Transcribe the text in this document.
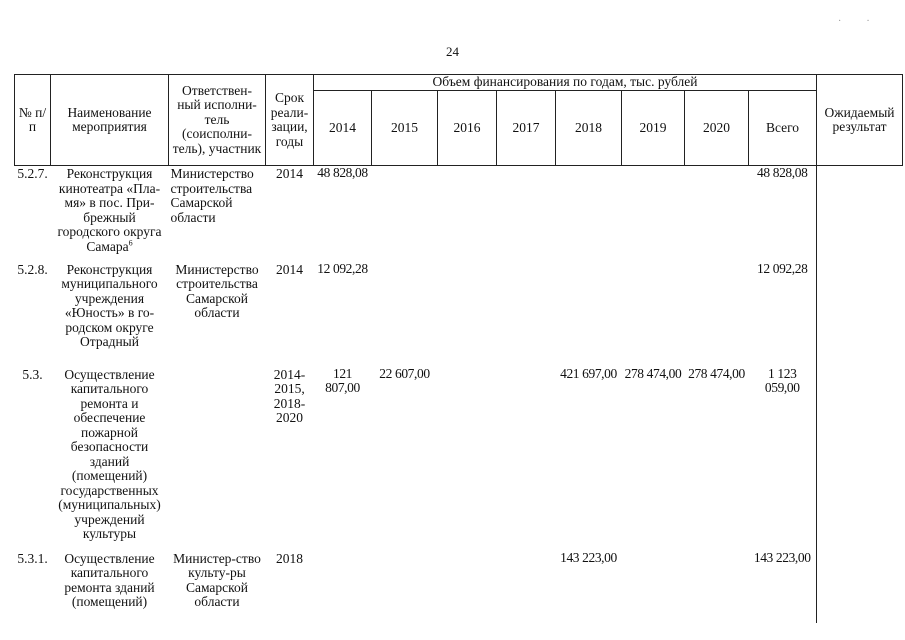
24
·          ·
№ п/п	Наименование мероприятия	Ответствен-ный исполни-тель (соисполни-тель), участник	Срок реали-зации, годы	Объем финансирования по годам, тыс. рублей								Ожидаемый результат
				2014	2015	2016	2017	2018	2019	2020	Всего	
5.2.7.	Реконструкция кинотеатра «Пла-мя» в пос. При-брежный городского округа Самара$^6$	Министерство строительства Самарской области	2014	48 828,08							48 828,08	
5.2.8.	Реконструкция муниципального учреждения «Юность» в го-родском округе Отрадный	Министерство строительства Самарской области	2014	12 092,28							12 092,28	
5.3.	Осуществление капитального ремонта и обеспечение пожарной безопасности зданий (помещений) государственных (муниципальных) учреждений культуры		2014-2015, 2018-2020	121 807,00	22 607,00			421 697,00	278 474,00	278 474,00	1 123 059,00	
5.3.1.	Осуществление капитального ремонта зданий (помещений)	Министер-ство культу-ры Самарской области	2018					143 223,00			143 223,00	
